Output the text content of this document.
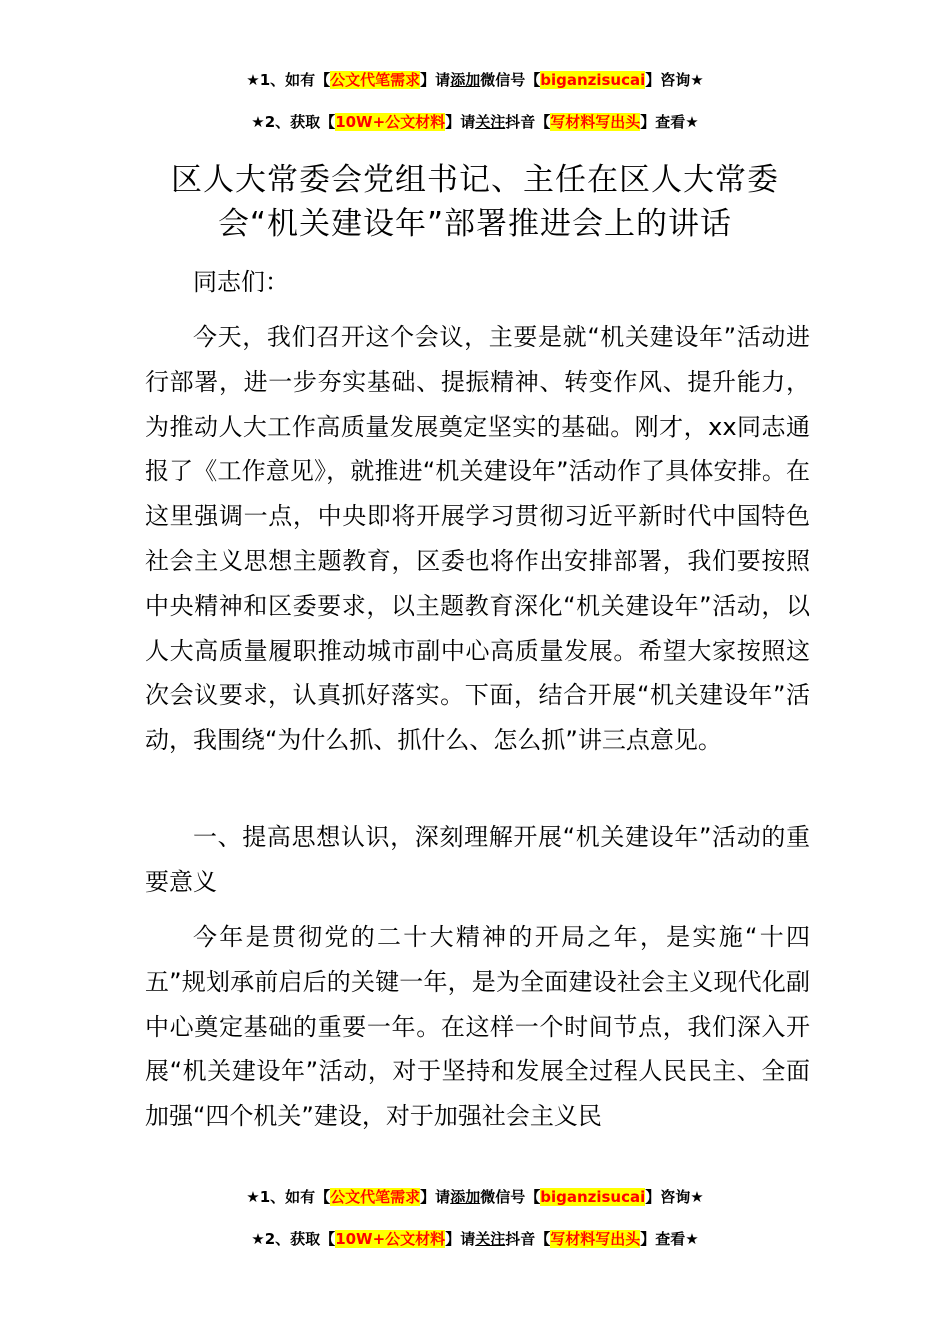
★1、如有【公文代笔需求】请添加微信号【biganzisucai】咨询★
★2、获取【10W+公文材料】请关注抖音【写材料写出头】查看★
区人大常委会党组书记、主任在区人大常委
会“机关建设年”部署推进会上的讲话

同志们：

今天，我们召开这个会议，主要是就“机关建设年”活动进行部署，进一步夯实基础、提振精神、转变作风、提升能力，为推动人大工作高质量发展奠定坚实的基础。刚才，xx同志通报了《工作意见》，就推进“机关建设年”活动作了具体安排。在这里强调一点，中央即将开展学习贯彻习近平新时代中国特色社会主义思想主题教育，区委也将作出安排部署，我们要按照中央精神和区委要求，以主题教育深化“机关建设年”活动，以人大高质量履职推动城市副中心高质量发展。希望大家按照这次会议要求，认真抓好落实。下面，结合开展“机关建设年”活动，我围绕“为什么抓、抓什么、怎么抓”讲三点意见。

一、提高思想认识，深刻理解开展“机关建设年”活动的重要意义

今年是贯彻党的二十大精神的开局之年，是实施“十四五”规划承前启后的关键一年，是为全面建设社会主义现代化副中心奠定基础的重要一年。在这样一个时间节点，我们深入开展“机关建设年”活动，对于坚持和发展全过程人民民主、全面加强“四个机关”建设，对于加强社会主义民

★1、如有【公文代笔需求】请添加微信号【biganzisucai】咨询★
★2、获取【10W+公文材料】请关注抖音【写材料写出头】查看★
